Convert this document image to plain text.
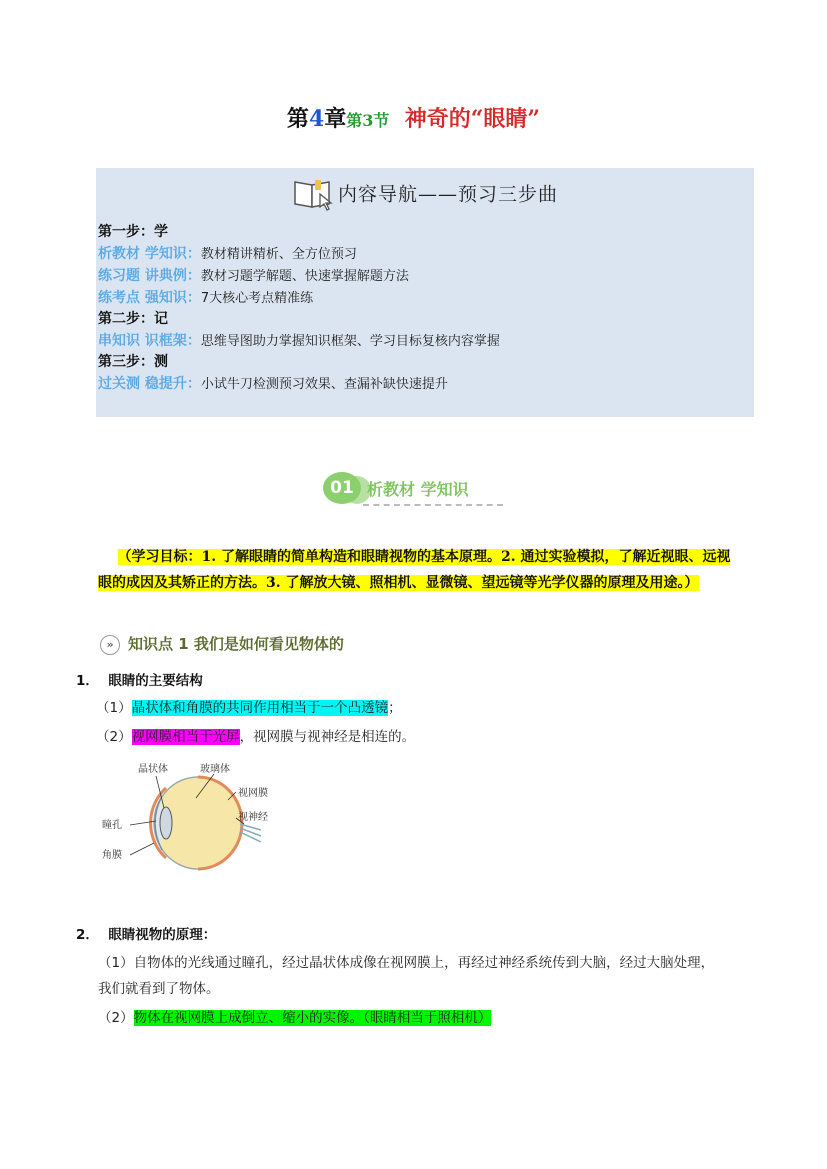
第4章第3节 神奇的“眼睛”
内容导航——预习三步曲
第一步：学
析教材 学知识：教材精讲精析、全方位预习
练习题 讲典例：教材习题学解题、快速掌握解题方法
练考点 强知识：7大核心考点精准练
第二步：记
串知识 识框架：思维导图助力掌握知识框架、学习目标复核内容掌握
第三步：测
过关测 稳提升：小试牛刀检测预习效果、查漏补缺快速提升
01 析教材 学知识
（学习目标：1. 了解眼睛的简单构造和眼睛视物的基本原理。2. 通过实验模拟，了解近视眼、远视
眼的成因及其矫正的方法。3. 了解放大镜、照相机、显微镜、望远镜等光学仪器的原理及用途。）
» 知识点 1 我们是如何看见物体的
1． 眼睛的主要结构
（1）晶状体和角膜的共同作用相当于一个凸透镜；
（2）视网膜相当于光屏，视网膜与视神经是相连的。
晶状体	玻璃体
视网膜
视神经
瞳孔
角膜
2． 眼睛视物的原理：
（1）自物体的光线通过瞳孔，经过晶状体成像在视网膜上，再经过神经系统传到大脑，经过大脑处理，
我们就看到了物体。
（2）物体在视网膜上成倒立、缩小的实像。（眼睛相当于照相机）
